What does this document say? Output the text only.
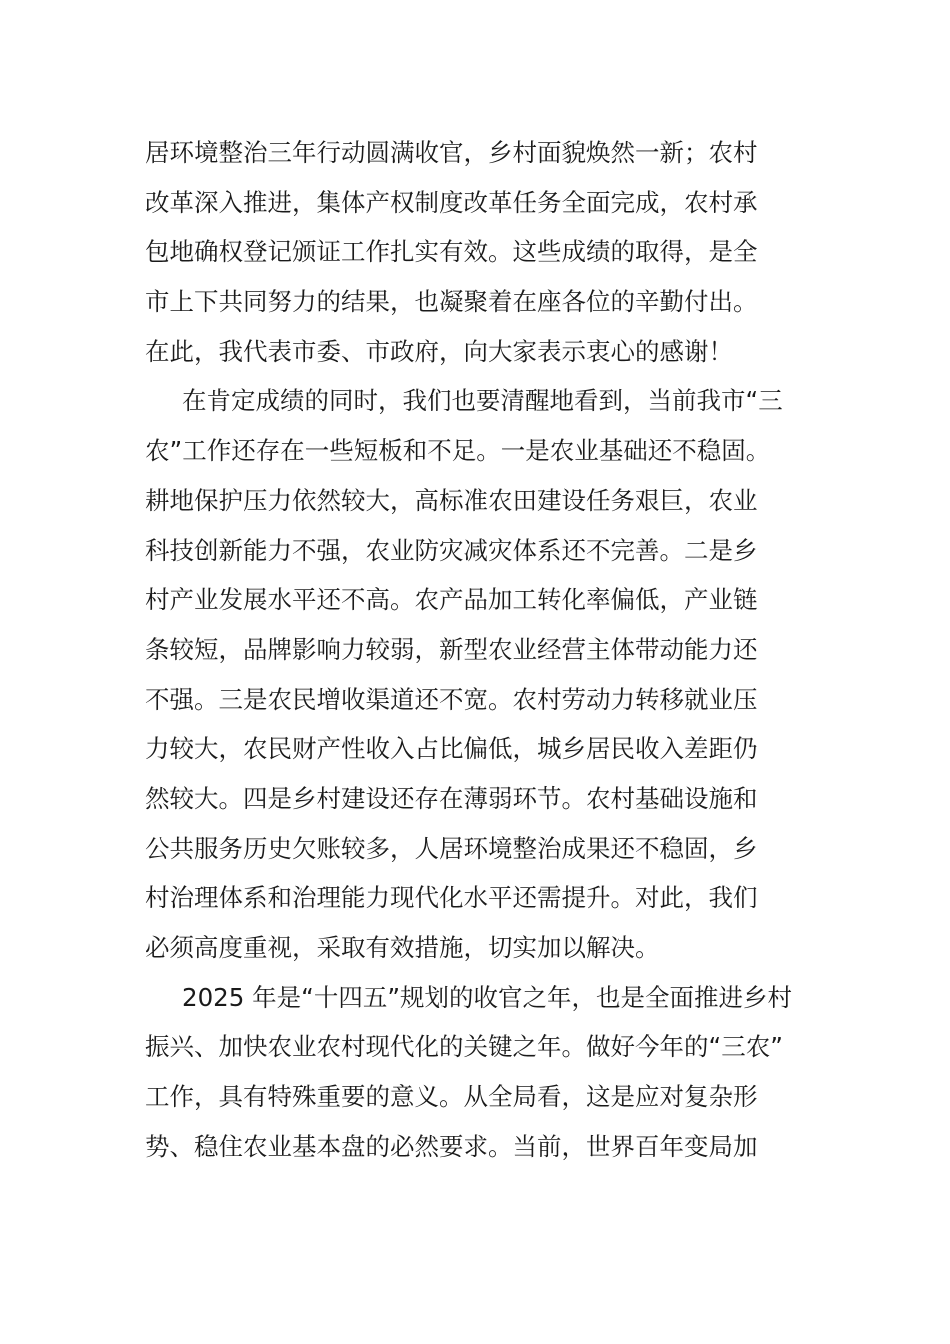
居环境整治三年行动圆满收官，乡村面貌焕然一新；农村
改革深入推进，集体产权制度改革任务全面完成，农村承
包地确权登记颁证工作扎实有效。这些成绩的取得，是全
市上下共同努力的结果，也凝聚着在座各位的辛勤付出。
在此，我代表市委、市政府，向大家表示衷心的感谢！
在肯定成绩的同时，我们也要清醒地看到，当前我市“三
农”工作还存在一些短板和不足。一是农业基础还不稳固。
耕地保护压力依然较大，高标准农田建设任务艰巨，农业
科技创新能力不强，农业防灾减灾体系还不完善。二是乡
村产业发展水平还不高。农产品加工转化率偏低，产业链
条较短，品牌影响力较弱，新型农业经营主体带动能力还
不强。三是农民增收渠道还不宽。农村劳动力转移就业压
力较大，农民财产性收入占比偏低，城乡居民收入差距仍
然较大。四是乡村建设还存在薄弱环节。农村基础设施和
公共服务历史欠账较多，人居环境整治成果还不稳固，乡
村治理体系和治理能力现代化水平还需提升。对此，我们
必须高度重视，采取有效措施，切实加以解决。
2025 年是“十四五”规划的收官之年，也是全面推进乡村
振兴、加快农业农村现代化的关键之年。做好今年的“三农”
工作，具有特殊重要的意义。从全局看，这是应对复杂形
势、稳住农业基本盘的必然要求。当前，世界百年变局加
